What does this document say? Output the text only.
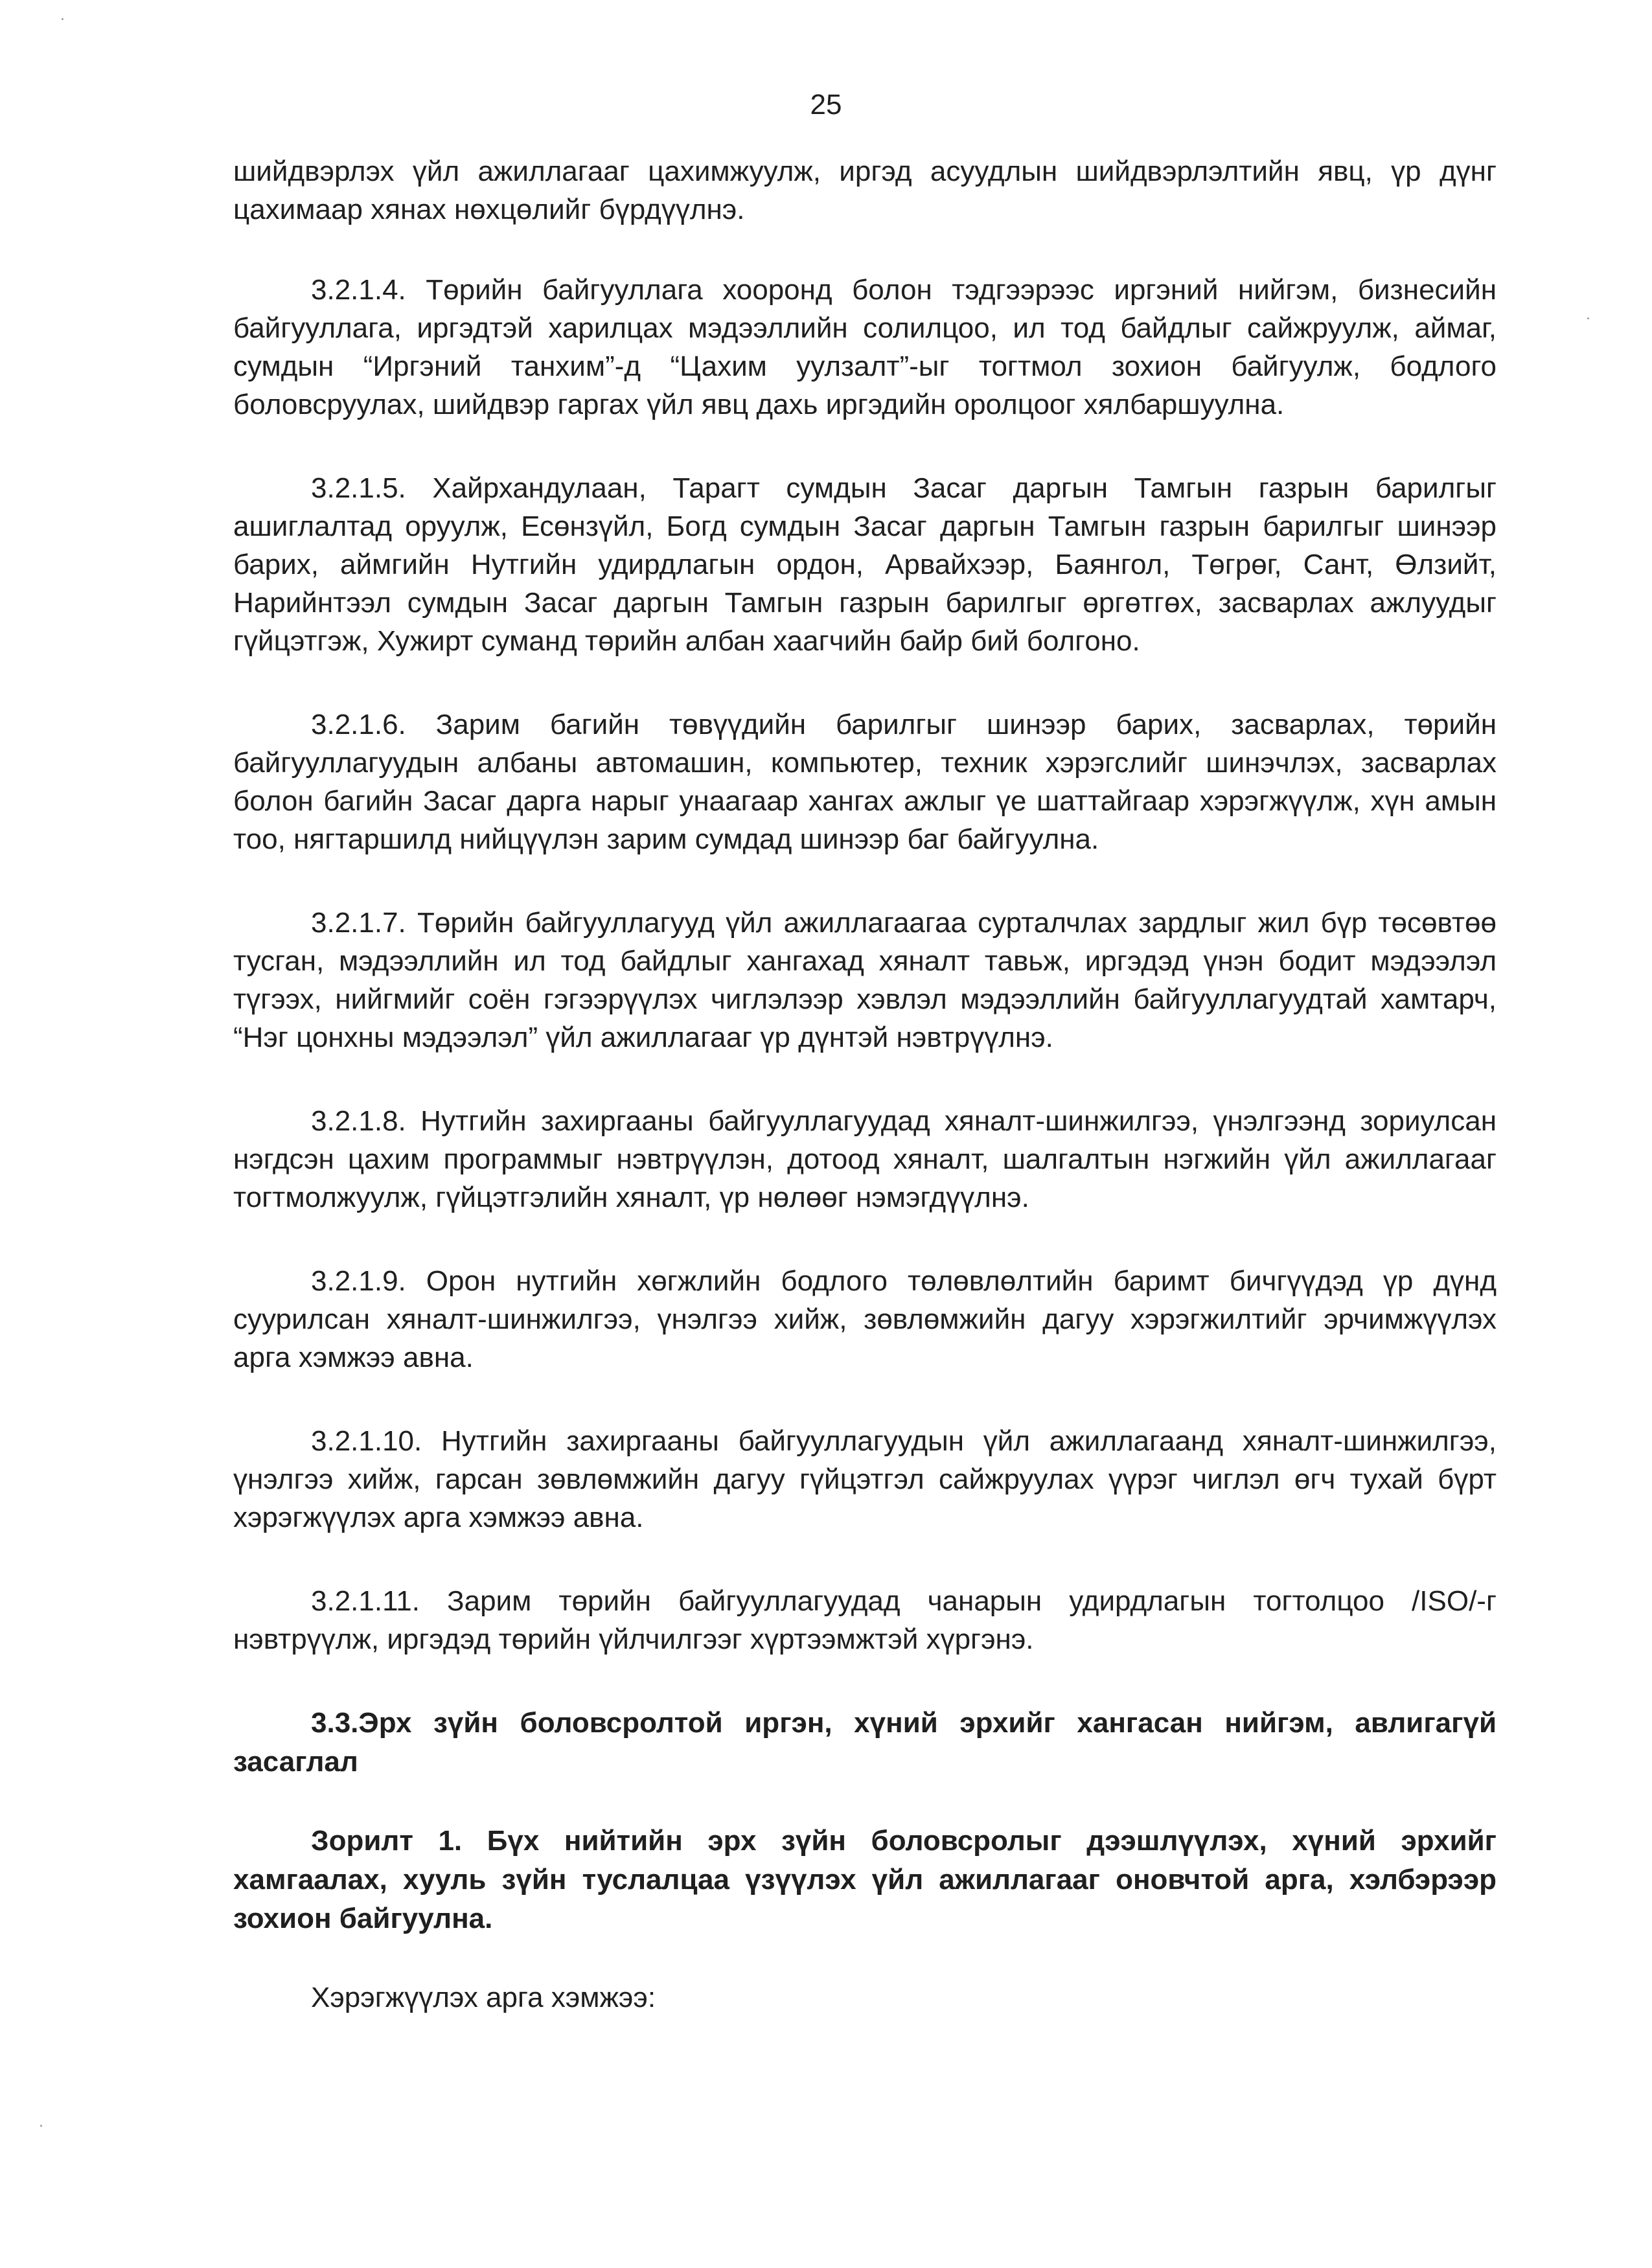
25

шийдвэрлэх үйл ажиллагааг цахимжуулж, иргэд асуудлын шийдвэрлэлтийн явц, үр дүнг цахимаар хянах нөхцөлийг бүрдүүлнэ.

3.2.1.4. Төрийн байгууллага хооронд болон тэдгээрээс иргэний нийгэм, бизнесийн байгууллага, иргэдтэй харилцах мэдээллийн солилцоо, ил тод байдлыг сайжруулж, аймаг, сумдын “Иргэний танхим”-д “Цахим уулзалт”-ыг тогтмол зохион байгуулж, бодлого боловсруулах, шийдвэр гаргах үйл явц дахь иргэдийн оролцоог хялбаршуулна.

3.2.1.5. Хайрхандулаан, Тарагт сумдын Засаг даргын Тамгын газрын барилгыг ашиглалтад оруулж, Есөнзүйл, Богд сумдын Засаг даргын Тамгын газрын барилгыг шинээр барих, аймгийн Нутгийн удирдлагын ордон, Арвайхээр, Баянгол, Төгрөг, Сант, Өлзийт, Нарийнтээл сумдын Засаг даргын Тамгын газрын барилгыг өргөтгөх, засварлах ажлуудыг гүйцэтгэж, Хужирт суманд төрийн албан хаагчийн байр бий болгоно.

3.2.1.6. Зарим багийн төвүүдийн барилгыг шинээр барих, засварлах, төрийн байгууллагуудын албаны автомашин, компьютер, техник хэрэгслийг шинэчлэх, засварлах болон багийн Засаг дарга нарыг унаагаар хангах ажлыг үе шаттайгаар хэрэгжүүлж, хүн амын тоо, нягтаршилд нийцүүлэн зарим сумдад шинээр баг байгуулна.

3.2.1.7. Төрийн байгууллагууд үйл ажиллагаагаа сурталчлах зардлыг жил бүр төсөвтөө тусган, мэдээллийн ил тод байдлыг хангахад хяналт тавьж, иргэдэд үнэн бодит мэдээлэл түгээх, нийгмийг соён гэгээрүүлэх чиглэлээр хэвлэл мэдээллийн байгууллагуудтай хамтарч, “Нэг цонхны мэдээлэл” үйл ажиллагааг үр дүнтэй нэвтрүүлнэ.

3.2.1.8. Нутгийн захиргааны байгууллагуудад хяналт-шинжилгээ, үнэлгээнд зориулсан нэгдсэн цахим программыг нэвтрүүлэн, дотоод хяналт, шалгалтын нэгжийн үйл ажиллагааг тогтмолжуулж, гүйцэтгэлийн хяналт, үр нөлөөг нэмэгдүүлнэ.

3.2.1.9. Орон нутгийн хөгжлийн бодлого төлөвлөлтийн баримт бичгүүдэд үр дүнд суурилсан хяналт-шинжилгээ, үнэлгээ хийж, зөвлөмжийн дагуу хэрэгжилтийг эрчимжүүлэх арга хэмжээ авна.

3.2.1.10. Нутгийн захиргааны байгууллагуудын үйл ажиллагаанд хяналт-шинжилгээ, үнэлгээ хийж, гарсан зөвлөмжийн дагуу гүйцэтгэл сайжруулах үүрэг чиглэл өгч тухай бүрт хэрэгжүүлэх арга хэмжээ авна.

3.2.1.11. Зарим төрийн байгууллагуудад чанарын удирдлагын тогтолцоо /ISO/-г нэвтрүүлж, иргэдэд төрийн үйлчилгээг хүртээмжтэй хүргэнэ.

3.3.Эрх зүйн боловсролтой иргэн, хүний эрхийг хангасан нийгэм, авлигагүй засаглал

Зорилт 1. Бүх нийтийн эрх зүйн боловсролыг дээшлүүлэх, хүний эрхийг хамгаалах, хууль зүйн туслалцаа үзүүлэх үйл ажиллагааг оновчтой арга, хэлбэрээр зохион байгуулна.

Хэрэгжүүлэх арга хэмжээ:
